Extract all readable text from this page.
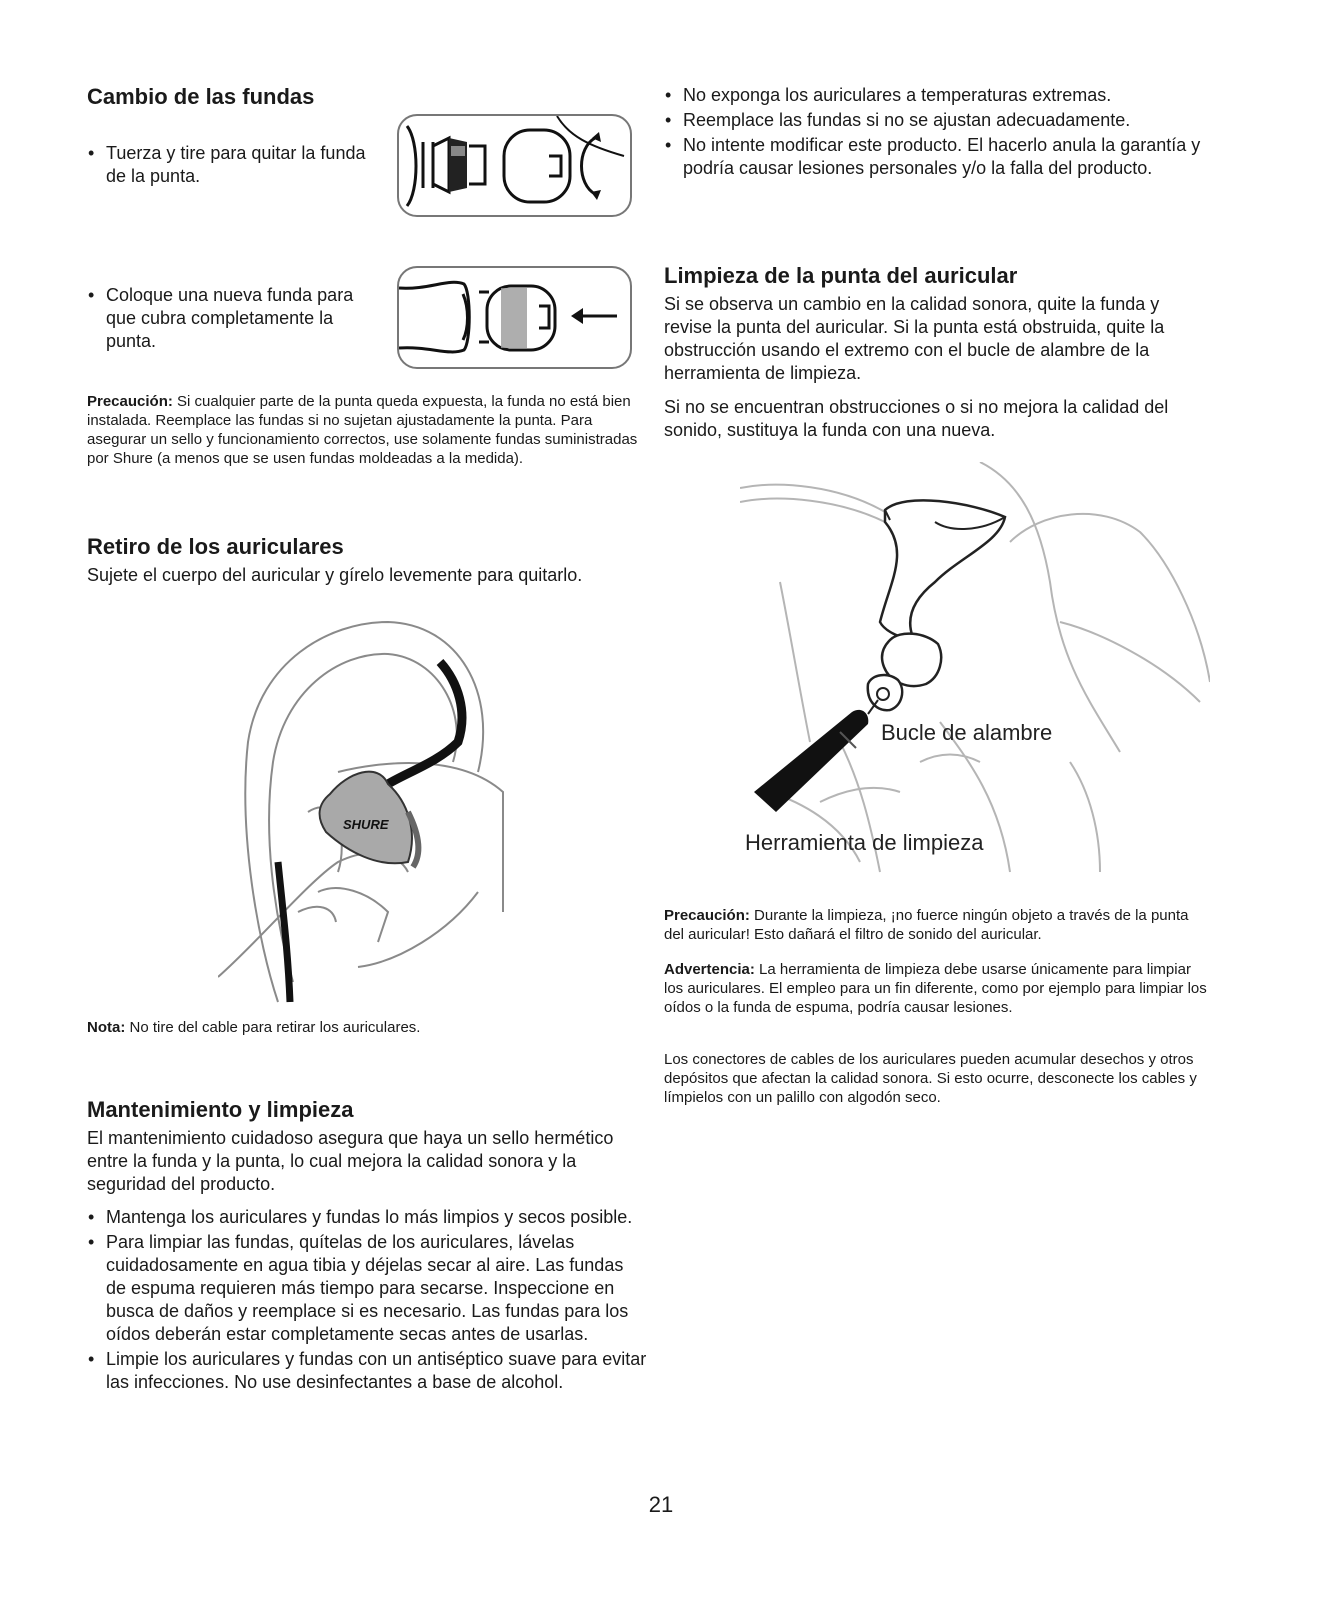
Cambio de las fundas
• Tuerza y tire para quitar la funda de la punta.
• Coloque una nueva funda para que cubra completamente la punta.

Precaución: Si cualquier parte de la punta queda expuesta, la funda no está bien instalada. Reemplace las fundas si no sujetan ajustadamente la punta. Para asegurar un sello y funcionamiento correctos, use solamente fundas suministradas por Shure (a menos que se usen fundas moldeadas a la medida).

Retiro de los auriculares

Sujete el cuerpo del auricular y gírelo levemente para quitarlo.

SHURE

Nota: No tire del cable para retirar los auriculares.

Mantenimiento y limpieza

El mantenimiento cuidadoso asegura que haya un sello hermético entre la funda y la punta, lo cual mejora la calidad sonora y la seguridad del producto.

• Mantenga los auriculares y fundas lo más limpios y secos posible.
• Para limpiar las fundas, quítelas de los auriculares, lávelas cuidadosamente en agua tibia y déjelas secar al aire. Las fundas de espuma requieren más tiempo para secarse. Inspeccione en busca de daños y reemplace si es necesario. Las fundas para los oídos deberán estar completamente secas antes de usarlas.
• Limpie los auriculares y fundas con un antiséptico suave para evitar las infecciones. No use desinfectantes a base de alcohol.
• No exponga los auriculares a temperaturas extremas.
• Reemplace las fundas si no se ajustan adecuadamente.
• No intente modificar este producto. El hacerlo anula la garantía y podría causar lesiones personales y/o la falla del producto.
Limpieza de la punta del auricular

Si se observa un cambio en la calidad sonora, quite la funda y revise la punta del auricular. Si la punta está obstruida, quite la obstrucción usando el extremo con el bucle de alambre de la herramienta de limpieza.

Si no se encuentran obstrucciones o si no mejora la calidad del sonido, sustituya la funda con una nueva.

Bucle de alambre
Herramienta de limpieza

Precaución: Durante la limpieza, ¡no fuerce ningún objeto a través de la punta del auricular! Esto dañará el filtro de sonido del auricular.

Advertencia: La herramienta de limpieza debe usarse únicamente para limpiar los auriculares. El empleo para un fin diferente, como por ejemplo para limpiar los oídos o la funda de espuma, podría causar lesiones.

Los conectores de cables de los auriculares pueden acumular desechos y otros depósitos que afectan la calidad sonora. Si esto ocurre, desconecte los cables y límpielos con un palillo con algodón seco.

21
